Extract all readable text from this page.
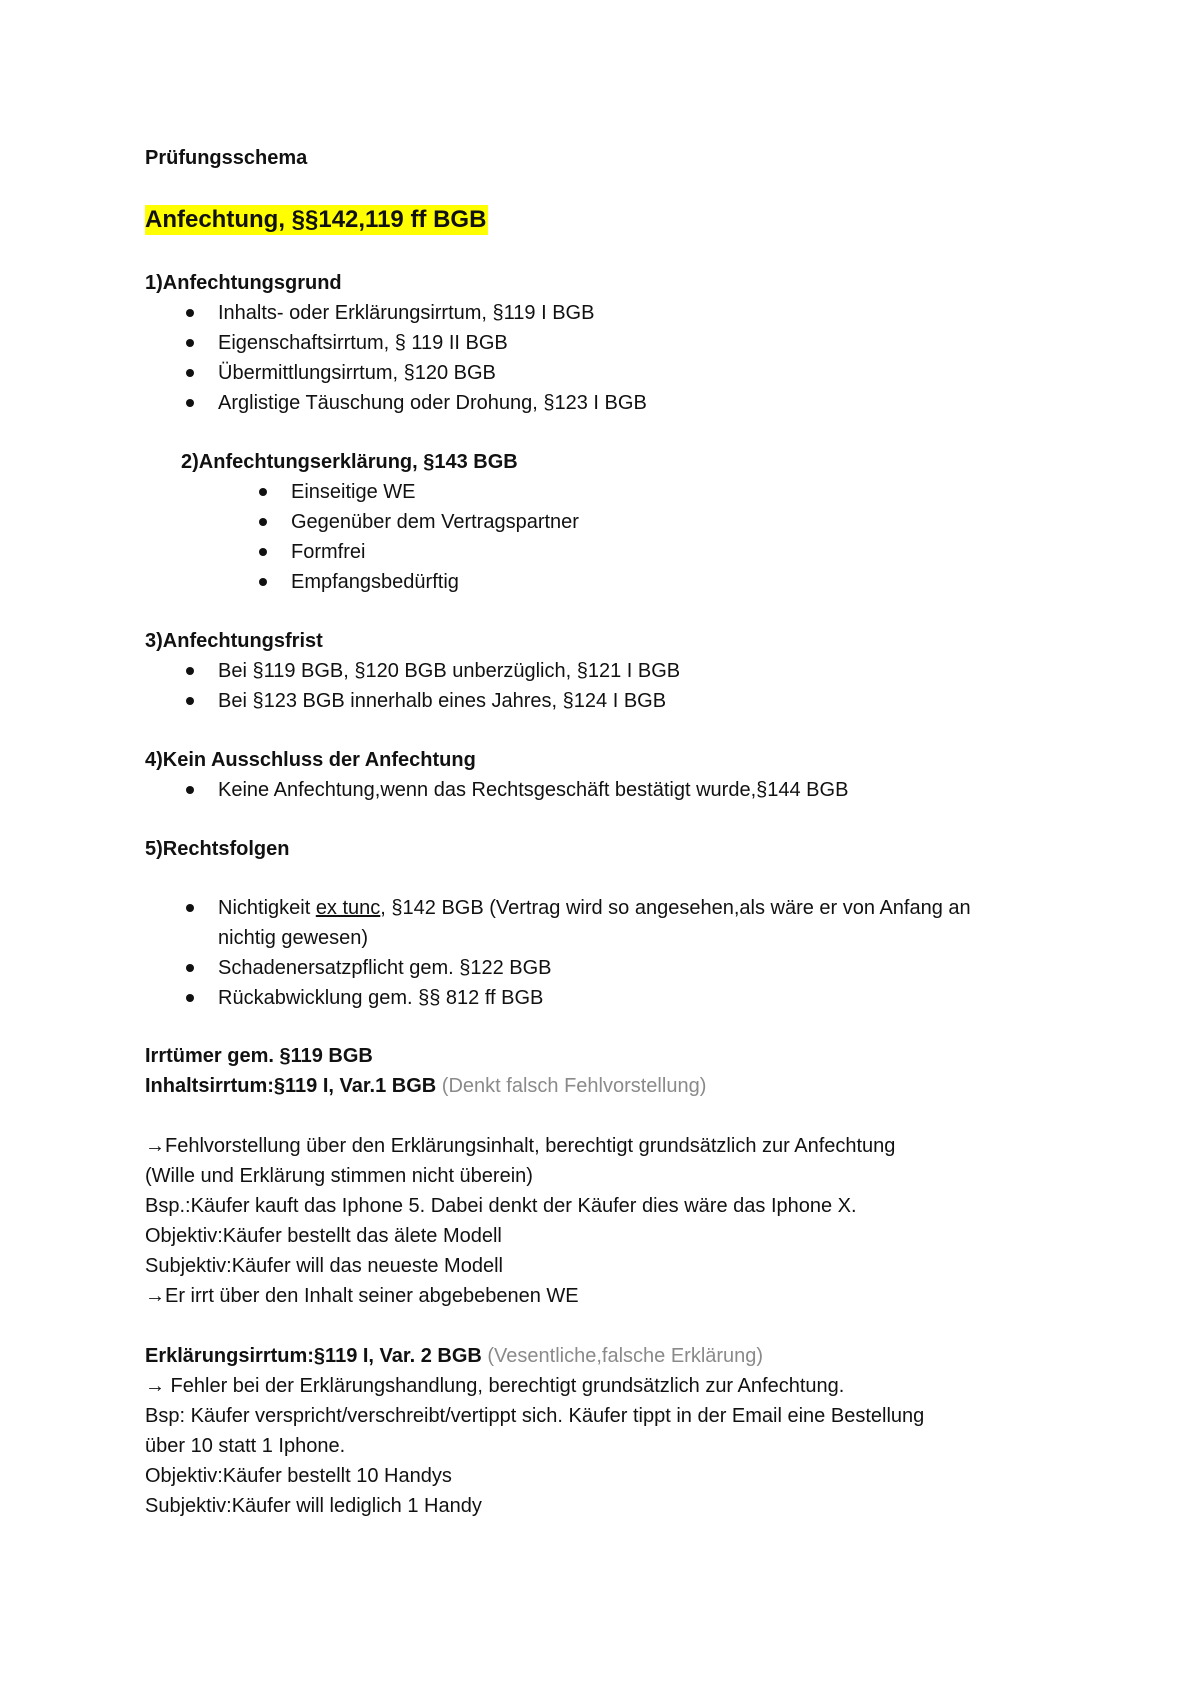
Prüfungsschema
Anfechtung, §§142,119 ff BGB
1)Anfechtungsgrund
Inhalts- oder Erklärungsirrtum, §119 I BGB
Eigenschaftsirrtum, § 119 II BGB
Übermittlungsirrtum, §120 BGB
Arglistige Täuschung oder Drohung, §123 I BGB
2)Anfechtungserklärung, §143 BGB
Einseitige WE
Gegenüber dem Vertragspartner
Formfrei
Empfangsbedürftig
3)Anfechtungsfrist
Bei §119 BGB, §120 BGB unberzüglich, §121 I BGB
Bei §123 BGB innerhalb eines Jahres, §124 I BGB
4)Kein Ausschluss der Anfechtung
Keine Anfechtung,wenn das Rechtsgeschäft bestätigt wurde,§144 BGB
5)Rechtsfolgen
Nichtigkeit ex tunc, §142 BGB (Vertrag wird so angesehen,als wäre er von Anfang an
nichtig gewesen)
Schadenersatzpflicht gem. §122 BGB
Rückabwicklung gem. §§ 812 ff BGB
Irrtümer gem. §119 BGB
Inhaltsirrtum:§119 I, Var.1 BGB (Denkt falsch Fehlvorstellung)
→Fehlvorstellung über den Erklärungsinhalt, berechtigt grundsätzlich zur Anfechtung
(Wille und Erklärung stimmen nicht überein)
Bsp.:Käufer kauft das Iphone 5. Dabei denkt der Käufer dies wäre das Iphone X.
Objektiv:Käufer bestellt das älete Modell
Subjektiv:Käufer will das neueste Modell
→Er irrt über den Inhalt seiner abgebebenen WE
Erklärungsirrtum:§119 I, Var. 2 BGB (Vesentliche,falsche Erklärung)
→ Fehler bei der Erklärungshandlung, berechtigt grundsätzlich zur Anfechtung.
Bsp: Käufer verspricht/verschreibt/vertippt sich. Käufer tippt in der Email eine Bestellung
über 10 statt 1 Iphone.
Objektiv:Käufer bestellt 10 Handys
Subjektiv:Käufer will lediglich 1 Handy
